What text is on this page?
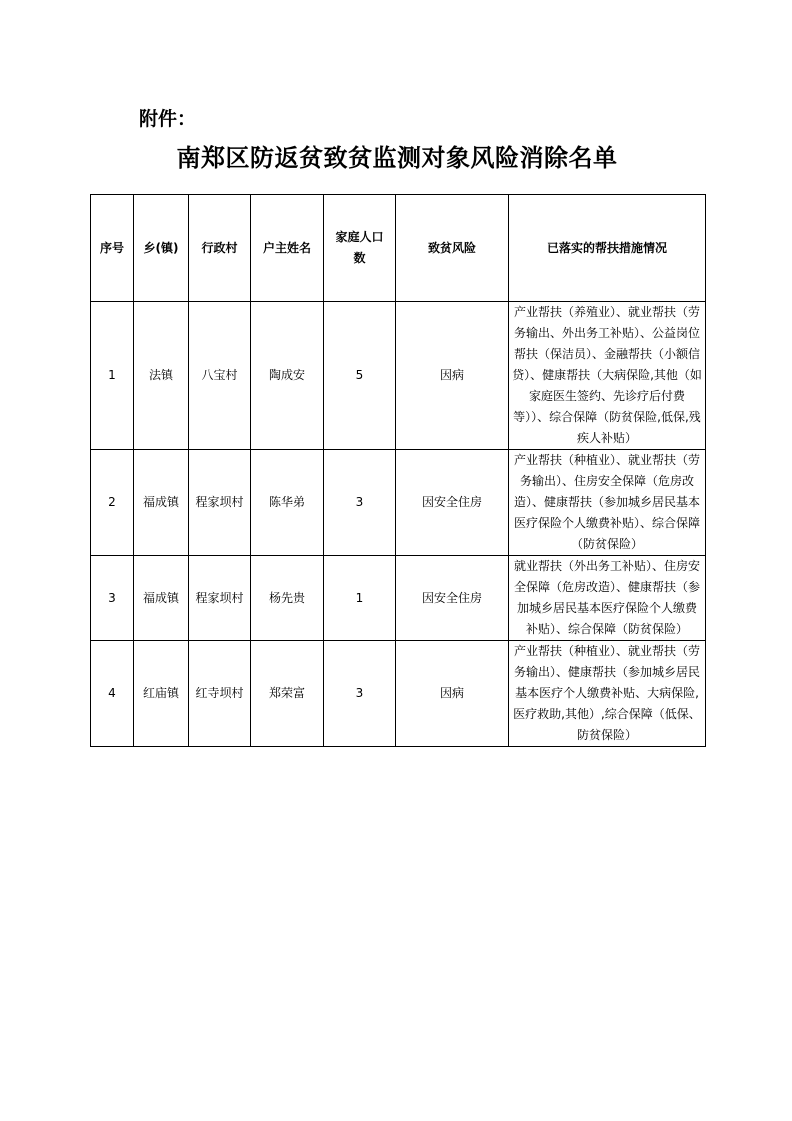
附件：
南郑区防返贫致贫监测对象风险消除名单
序号	乡(镇)	行政村	户主姓名	家庭人口数	致贫风险	已落实的帮扶措施情况
1	法镇	八宝村	陶成安	5	因病	产业帮扶（养殖业）、就业帮扶（劳务输出、外出务工补贴）、公益岗位帮扶（保洁员）、金融帮扶（小额信贷）、健康帮扶（大病保险,其他（如家庭医生签约、先诊疗后付费等））、综合保障（防贫保险,低保,残疾人补贴）
2	福成镇	程家坝村	陈华弟	3	因安全住房	产业帮扶（种植业）、就业帮扶（劳务输出）、住房安全保障（危房改造）、健康帮扶（参加城乡居民基本医疗保险个人缴费补贴）、综合保障（防贫保险）
3	福成镇	程家坝村	杨先贵	1	因安全住房	就业帮扶（外出务工补贴）、住房安全保障（危房改造）、健康帮扶（参加城乡居民基本医疗保险个人缴费补贴）、综合保障（防贫保险）
4	红庙镇	红寺坝村	郑荣富	3	因病	产业帮扶（种植业）、就业帮扶（劳务输出）、健康帮扶（参加城乡居民基本医疗个人缴费补贴、大病保险,医疗救助,其他）,综合保障（低保、防贫保险）
